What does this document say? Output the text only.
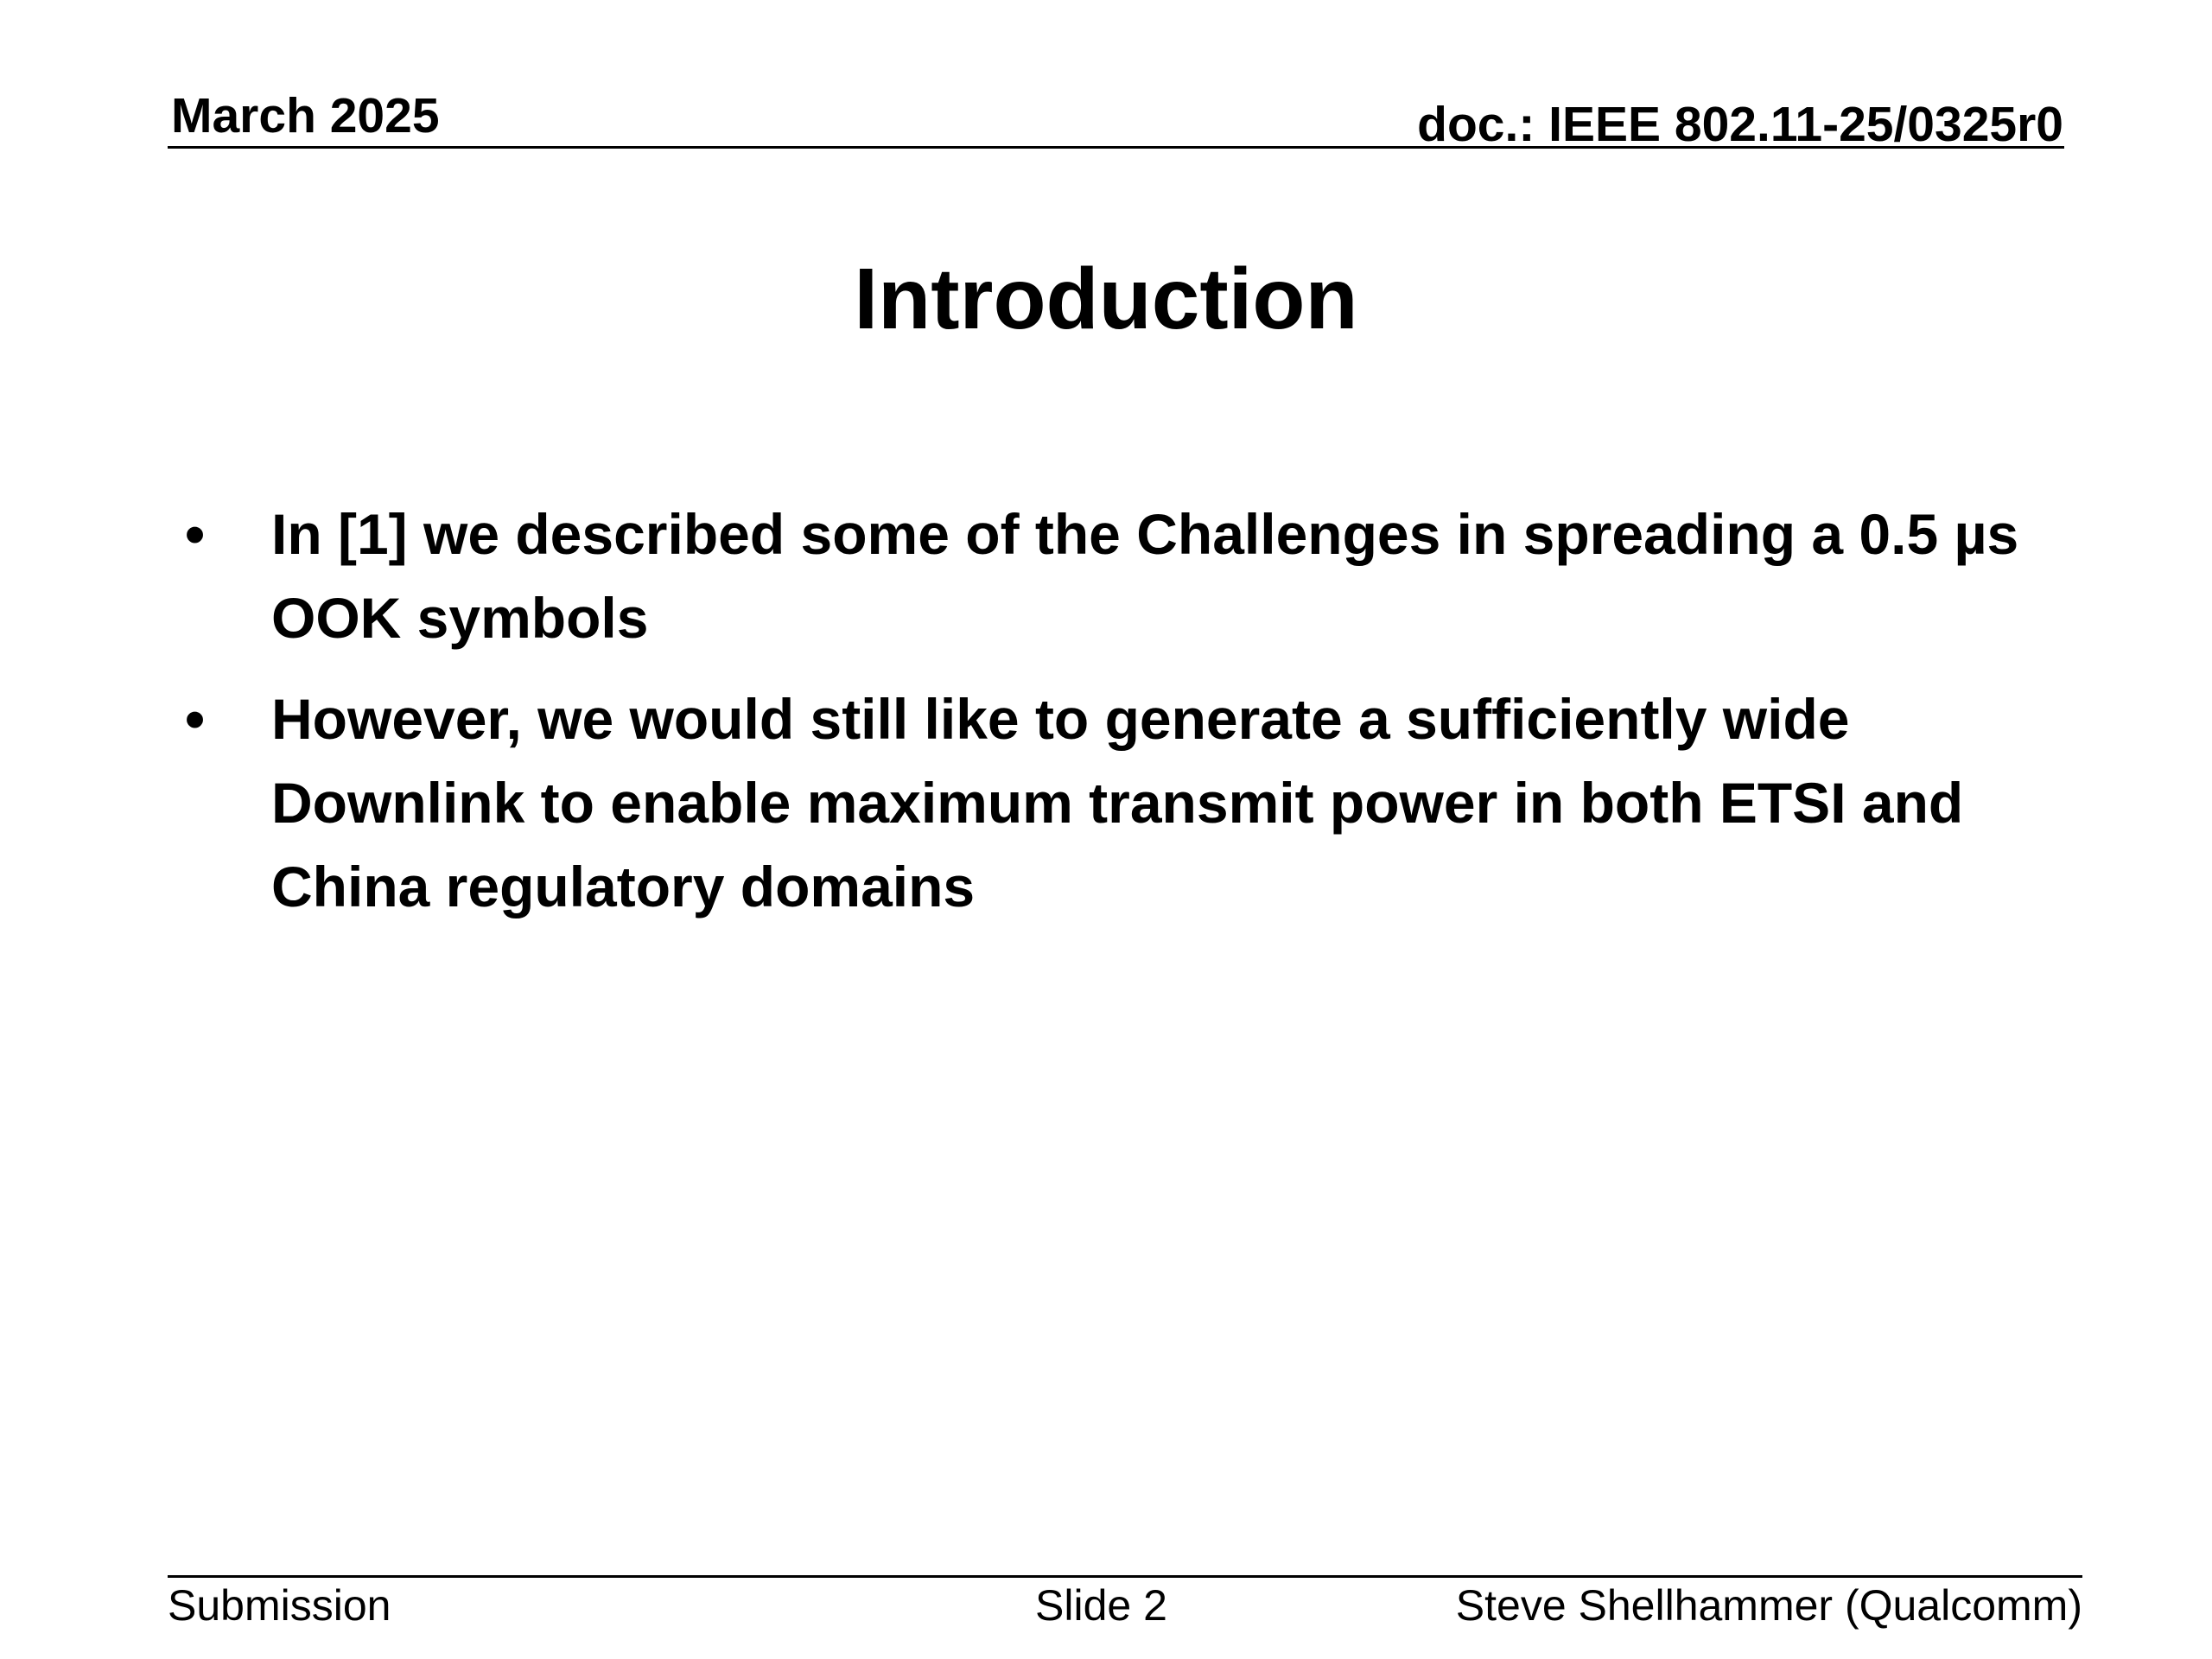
March 2025	doc.: IEEE 802.11-25/0325r0
Introduction
• In [1] we described some of the Challenges in spreading a 0.5 µs OOK symbols
• However, we would still like to generate a sufficiently wide Downlink to enable maximum transmit power in both ETSI and China regulatory domains
Submission	Slide 2	Steve Shellhammer (Qualcomm)
